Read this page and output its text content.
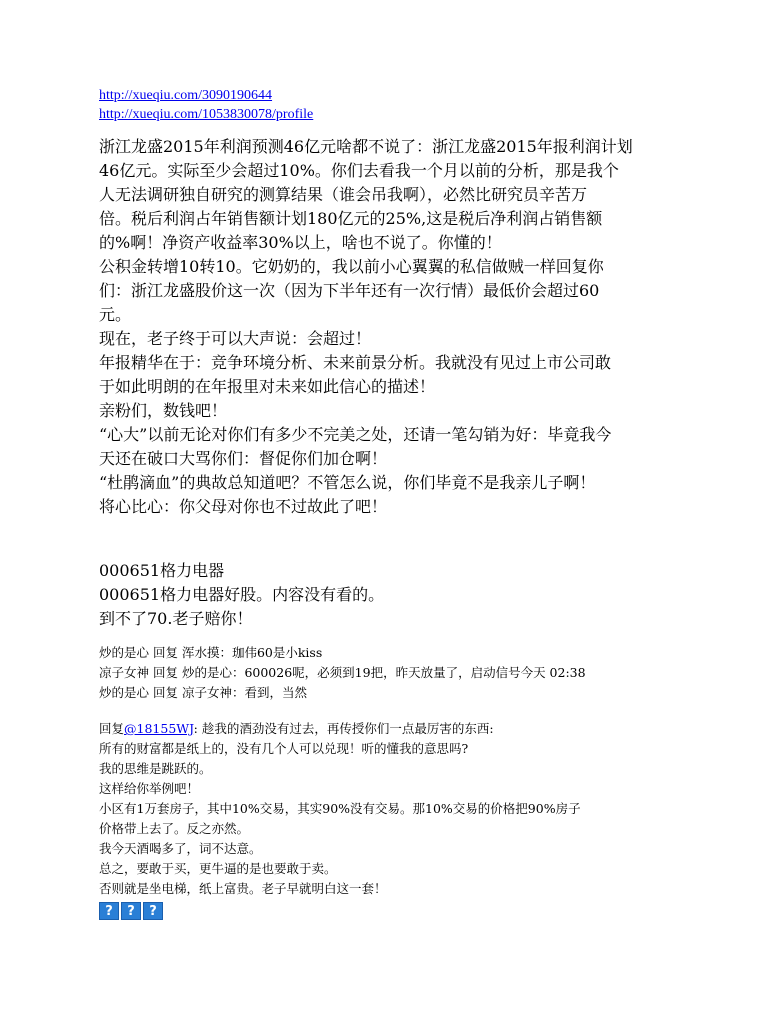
http://xueqiu.com/3090190644
http://xueqiu.com/1053830078/profile

浙江龙盛2015年利润预测46亿元啥都不说了：浙江龙盛2015年报利润计划

46亿元。实际至少会超过10%。你们去看我一个月以前的分析，那是我个

人无法调研独自研究的测算结果（谁会吊我啊），必然比研究员辛苦万

倍。税后利润占年销售额计划180亿元的25%,这是税后净利润占销售额

的%啊！净资产收益率30%以上，啥也不说了。你懂的！

公积金转增10转10。它奶奶的，我以前小心翼翼的私信做贼一样回复你

们：浙江龙盛股价这一次（因为下半年还有一次行情）最低价会超过60

元。

现在，老子终于可以大声说：会超过！

年报精华在于：竞争环境分析、未来前景分析。我就没有见过上市公司敢

于如此明朗的在年报里对未来如此信心的描述！

亲粉们，数钱吧！

“心大”以前无论对你们有多少不完美之处，还请一笔勾销为好：毕竟我今

天还在破口大骂你们：督促你们加仓啊！

“杜鹃滴血”的典故总知道吧？不管怎么说，你们毕竟不是我亲儿子啊！

将心比心：你父母对你也不过故此了吧！

000651格力电器

000651格力电器好股。内容没有看的。

到不了70.老子赔你！

炒的是心 回复 浑水摸：珈伟60是小kiss

凉子女神 回复 炒的是心：600026呢，必须到19把，昨天放量了，启动信号今天 02:38

炒的是心 回复 凉子女神：看到，当然

回复@18155WJ: 趁我的酒劲没有过去，再传授你们一点最厉害的东西:

所有的财富都是纸上的，没有几个人可以兑现！听的懂我的意思吗?

我的思维是跳跃的。

这样给你举例吧！

小区有1万套房子，其中10%交易，其实90%没有交易。那10%交易的价格把90%房子

价格带上去了。反之亦然。

我今天酒喝多了，词不达意。

总之，要敢于买，更牛逼的是也要敢于卖。

否则就是坐电梯，纸上富贵。老子早就明白这一套！

?	?	?
